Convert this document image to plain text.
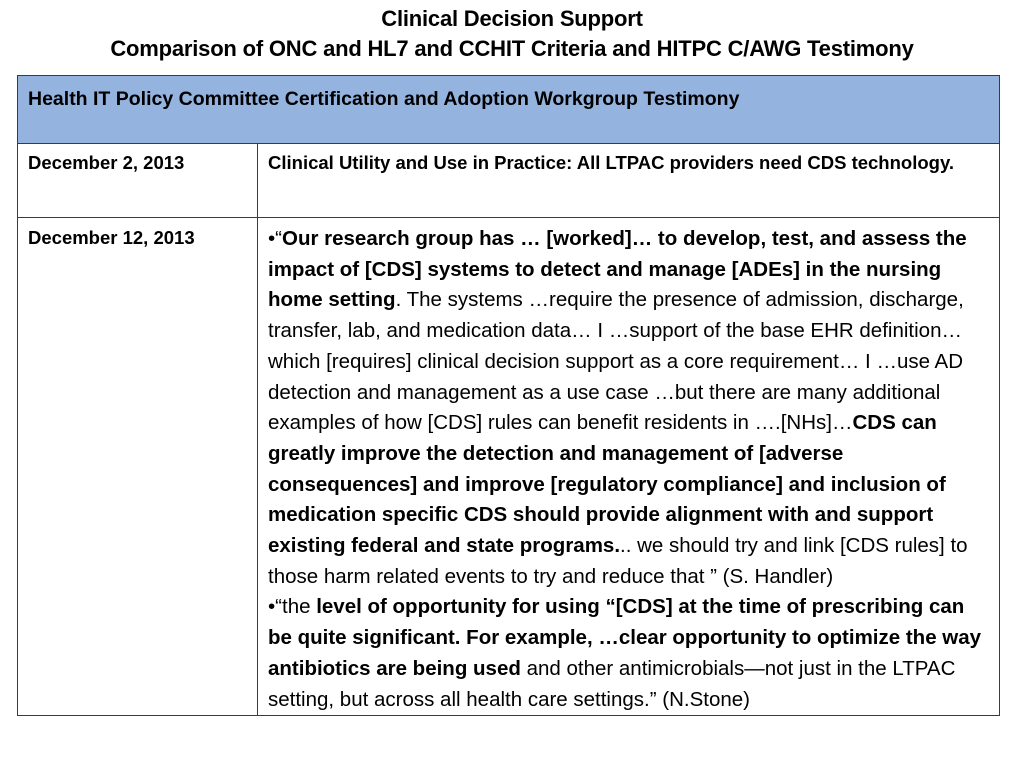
Clinical Decision Support
Comparison of ONC and HL7 and CCHIT Criteria and HITPC C/AWG Testimony
Health IT Policy Committee Certification and Adoption Workgroup Testimony	
December 2, 2013	Clinical Utility and Use in Practice: All LTPAC providers need CDS technology.
December 12, 2013	•“Our research group has … [worked]… to develop, test, and assess the impact of [CDS] systems to detect and manage [ADEs] in the nursing home setting. The systems …require the presence of admission, discharge, transfer, lab, and medication data… I …support of the base EHR definition… which [requires] clinical decision support as a core requirement… I …use AD detection and management as a use case …but there are many additional examples of how [CDS] rules can benefit residents in ….[NHs]…CDS can greatly improve the detection and management of [adverse consequences] and improve [regulatory compliance] and inclusion of medication specific CDS should provide alignment with and support existing federal and state programs... we should try and link [CDS rules] to those harm related events to try and reduce that ” (S. Handler)

•“the level of opportunity for using “[CDS] at the time of prescribing can be quite significant. For example, …clear opportunity to optimize the way antibiotics are being used and other antimicrobials—not just in the LTPAC setting, but across all health care settings.” (N.Stone)
